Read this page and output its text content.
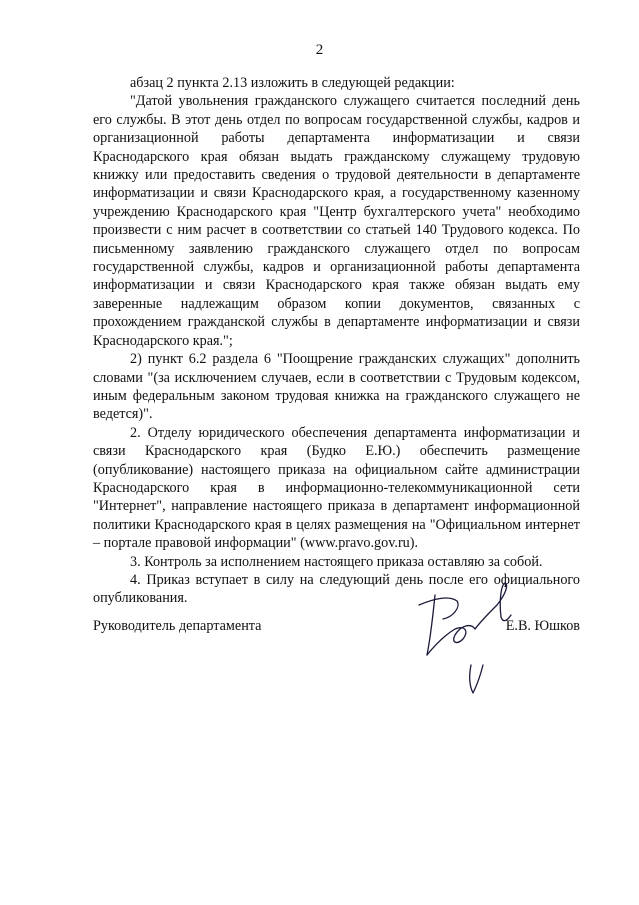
2

абзац 2 пункта 2.13 изложить в следующей редакции:

"Датой увольнения гражданского служащего считается последний день его службы. В этот день отдел по вопросам государственной службы, кадров и организационной работы департамента информатизации и связи Краснодарского края обязан выдать гражданскому служащему трудовую книжку или предоставить сведения о трудовой деятельности в департаменте информатизации и связи Краснодарского края, а государственному казенному учреждению Краснодарского края "Центр бухгалтерского учета" необходимо произвести с ним расчет в соответствии со статьей 140 Трудового кодекса. По письменному заявлению гражданского служащего отдел по вопросам государственной службы, кадров и организационной работы департамента информатизации и связи Краснодарского края также обязан выдать ему заверенные надлежащим образом копии документов, связанных с прохождением гражданской службы в департаменте информатизации и связи Краснодарского края.";

2) пункт 6.2 раздела 6 "Поощрение гражданских служащих" дополнить словами "(за исключением случаев, если в соответствии с Трудовым кодексом, иным федеральным законом трудовая книжка на гражданского служащего не ведется)".

2. Отделу юридического обеспечения департамента информатизации и связи Краснодарского края (Будко Е.Ю.) обеспечить размещение (опубликование) настоящего приказа на официальном сайте администрации Краснодарского края в информационно-телекоммуникационной сети "Интернет", направление настоящего приказа в департамент информационной политики Краснодарского края в целях размещения на "Официальном интернет – портале правовой информации" (www.pravo.gov.ru).

3. Контроль за исполнением настоящего приказа оставляю за собой.

4. Приказ вступает в силу на следующий день после его официального опубликования.

Руководитель департамента	Е.В. Юшков
